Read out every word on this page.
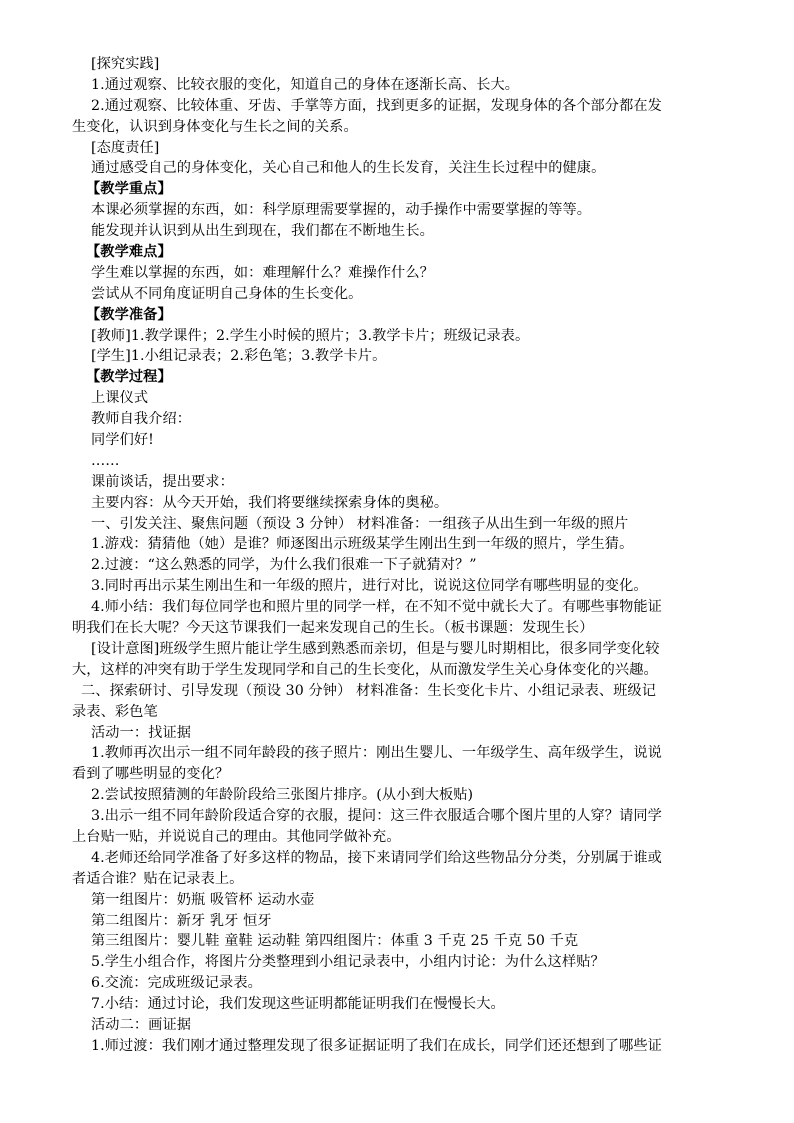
[探究实践]
1.通过观察、比较衣服的变化，知道自己的身体在逐渐长高、长大。
2.通过观察、比较体重、牙齿、手掌等方面，找到更多的证据，发现身体的各个部分都在发
生变化，认识到身体变化与生长之间的关系。
[态度责任]
通过感受自己的身体变化，关心自己和他人的生长发育，关注生长过程中的健康。
【教学重点】
本课必须掌握的东西，如：科学原理需要掌握的，动手操作中需要掌握的等等。
能发现并认识到从出生到现在，我们都在不断地生长。
【教学难点】
学生难以掌握的东西，如：难理解什么？难操作什么？
尝试从不同角度证明自己身体的生长变化。
【教学准备】
[教师]1.教学课件；2.学生小时候的照片；3.教学卡片；班级记录表。
[学生]1.小组记录表；2.彩色笔；3.教学卡片。
【教学过程】
上课仪式
教师自我介绍：
同学们好!
……
课前谈话，提出要求：
主要内容：从今天开始，我们将要继续探索身体的奥秘。
一、引发关注、聚焦问题（预设 3 分钟） 材料准备：一组孩子从出生到一年级的照片
1.游戏：猜猜他（她）是谁？师逐图出示班级某学生刚出生到一年级的照片，学生猜。
2.过渡：“这么熟悉的同学，为什么我们很难一下子就猜对？”
3.同时再出示某生刚出生和一年级的照片，进行对比，说说这位同学有哪些明显的变化。
4.师小结：我们每位同学也和照片里的同学一样，在不知不觉中就长大了。有哪些事物能证
明我们在长大呢？今天这节课我们一起来发现自己的生长。（板书课题：发现生长）
[设计意图]班级学生照片能让学生感到熟悉而亲切，但是与婴儿时期相比，很多同学变化较
大，这样的冲突有助于学生发现同学和自己的生长变化，从而激发学生关心身体变化的兴趣。
二、探索研讨、引导发现（预设 30 分钟） 材料准备：生长变化卡片、小组记录表、班级记
录表、彩色笔
活动一：找证据
1.教师再次出示一组不同年龄段的孩子照片：刚出生婴儿、一年级学生、高年级学生，说说
看到了哪些明显的变化？
2.尝试按照猜测的年龄阶段给三张图片排序。(从小到大板贴)
3.出示一组不同年龄阶段适合穿的衣服，提问：这三件衣服适合哪个图片里的人穿？请同学
上台贴一贴，并说说自己的理由。其他同学做补充。
4.老师还给同学准备了好多这样的物品，接下来请同学们给这些物品分分类，分别属于谁或
者适合谁？贴在记录表上。
第一组图片：奶瓶 吸管杯 运动水壶
第二组图片：新牙 乳牙 恒牙
第三组图片：婴儿鞋 童鞋 运动鞋 第四组图片：体重 3 千克 25 千克 50 千克
5.学生小组合作，将图片分类整理到小组记录表中，小组内讨论：为什么这样贴？
6.交流：完成班级记录表。
7.小结：通过讨论，我们发现这些证明都能证明我们在慢慢长大。
活动二：画证据
1.师过渡：我们刚才通过整理发现了很多证据证明了我们在成长，同学们还还想到了哪些证
